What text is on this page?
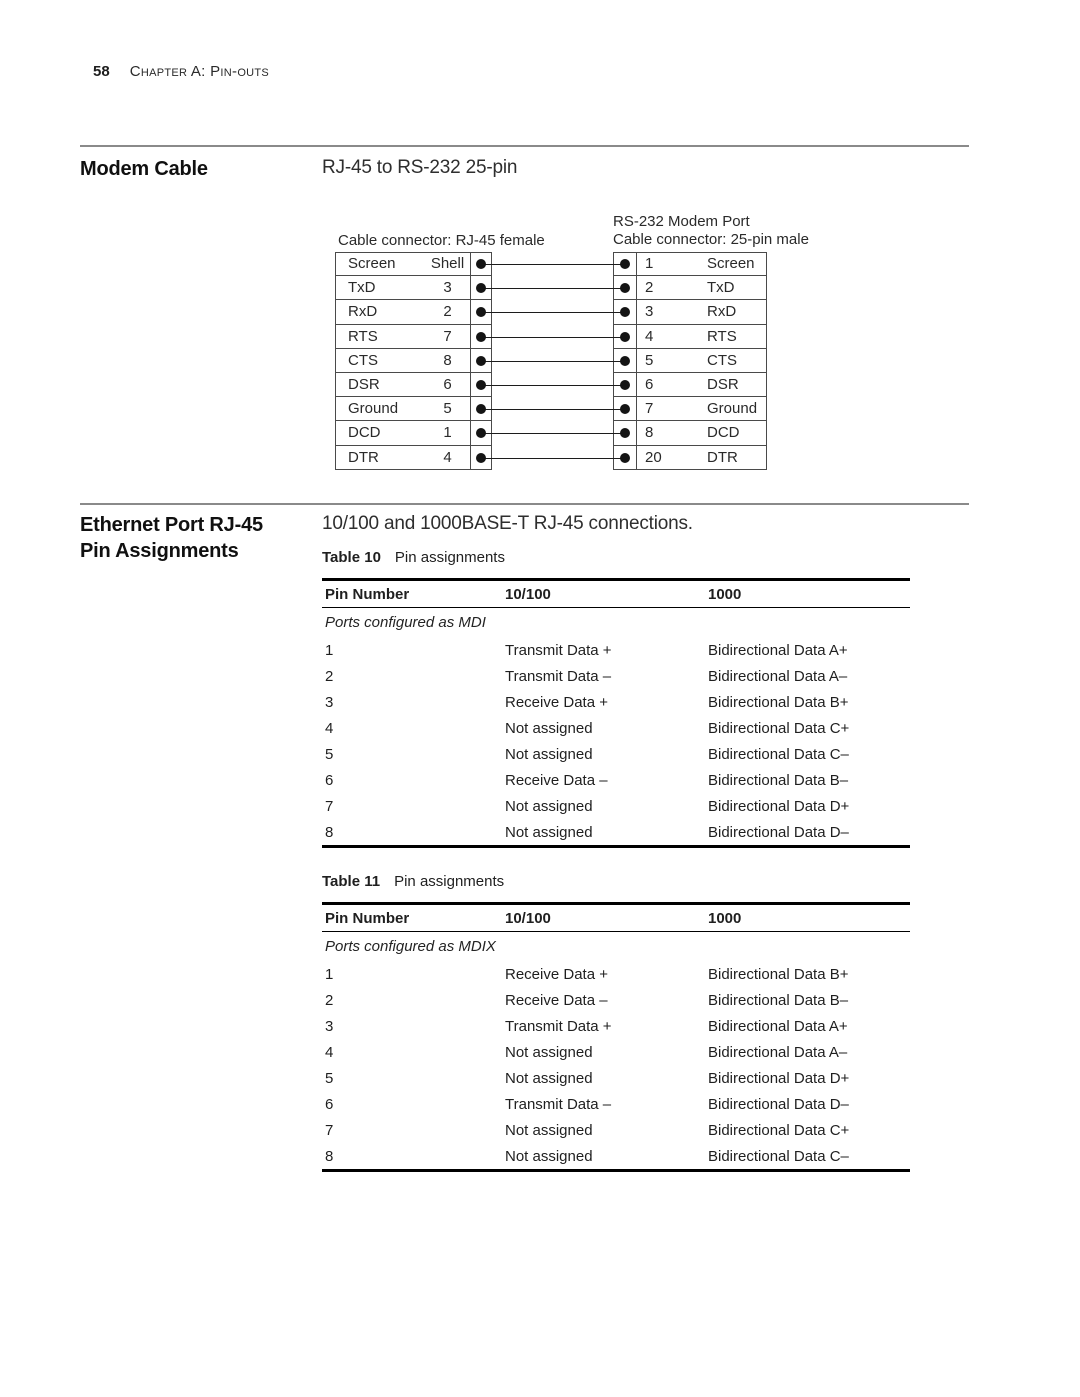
58 Chapter A: Pin-outs
Modem Cable	RJ-45 to RS-232 25-pin
Cable connector: RJ-45 female
RS-232 Modem Port
Cable connector: 25-pin male
Screen	Shell	1	Screen
TxD	3	2	TxD
RxD	2	3	RxD
RTS	7	4	RTS
CTS	8	5	CTS
DSR	6	6	DSR
Ground	5	7	Ground
DCD	1	8	DCD
DTR	4	20	DTR
Ethernet Port RJ-45
Pin Assignments
10/100 and 1000BASE-T RJ-45 connections.
Table 10 Pin assignments
Pin Number	10/100	1000
Ports configured as MDI
1	Transmit Data +	Bidirectional Data A+
2	Transmit Data –	Bidirectional Data A–
3	Receive Data +	Bidirectional Data B+
4	Not assigned	Bidirectional Data C+
5	Not assigned	Bidirectional Data C–
6	Receive Data –	Bidirectional Data B–
7	Not assigned	Bidirectional Data D+
8	Not assigned	Bidirectional Data D–
Table 11 Pin assignments
Pin Number	10/100	1000
Ports configured as MDIX
1	Receive Data +	Bidirectional Data B+
2	Receive Data –	Bidirectional Data B–
3	Transmit Data +	Bidirectional Data A+
4	Not assigned	Bidirectional Data A–
5	Not assigned	Bidirectional Data D+
6	Transmit Data –	Bidirectional Data D–
7	Not assigned	Bidirectional Data C+
8	Not assigned	Bidirectional Data C–
